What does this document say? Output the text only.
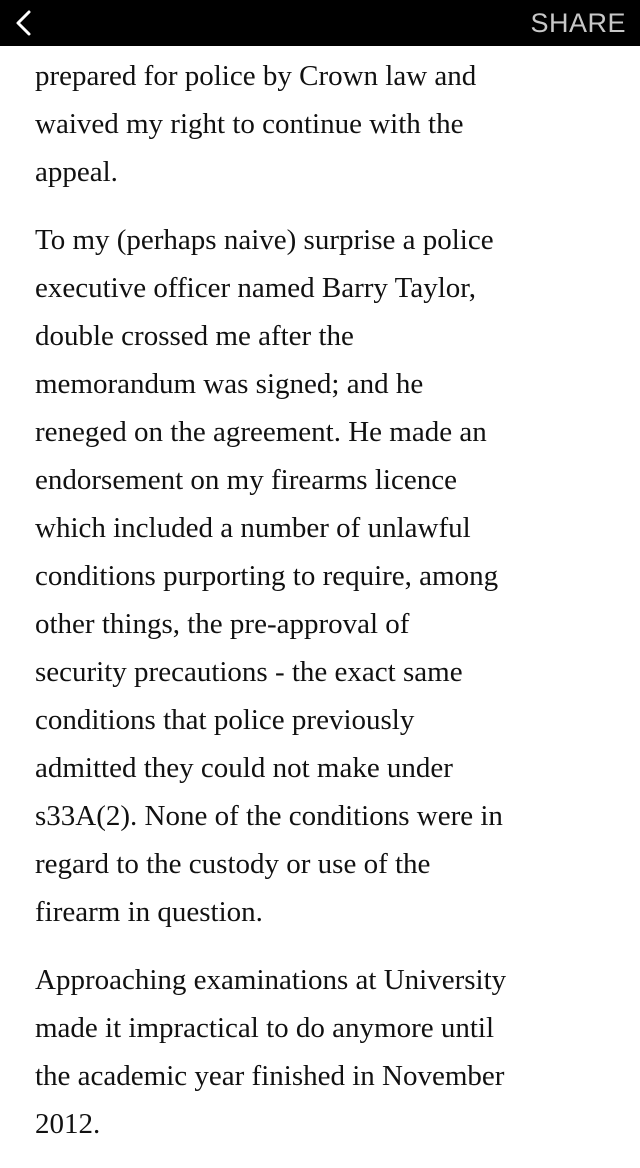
SHARE

prepared for police by Crown law and
waived my right to continue with the
appeal.

To my (perhaps naive) surprise a police
executive officer named Barry Taylor,
double crossed me after the
memorandum was signed; and he
reneged on the agreement. He made an
endorsement on my firearms licence
which included a number of unlawful
conditions purporting to require, among
other things, the pre-approval of
security precautions - the exact same
conditions that police previously
admitted they could not make under
s33A(2). None of the conditions were in
regard to the custody or use of the
firearm in question.

Approaching examinations at University
made it impractical to do anymore until
the academic year finished in November
2012.
